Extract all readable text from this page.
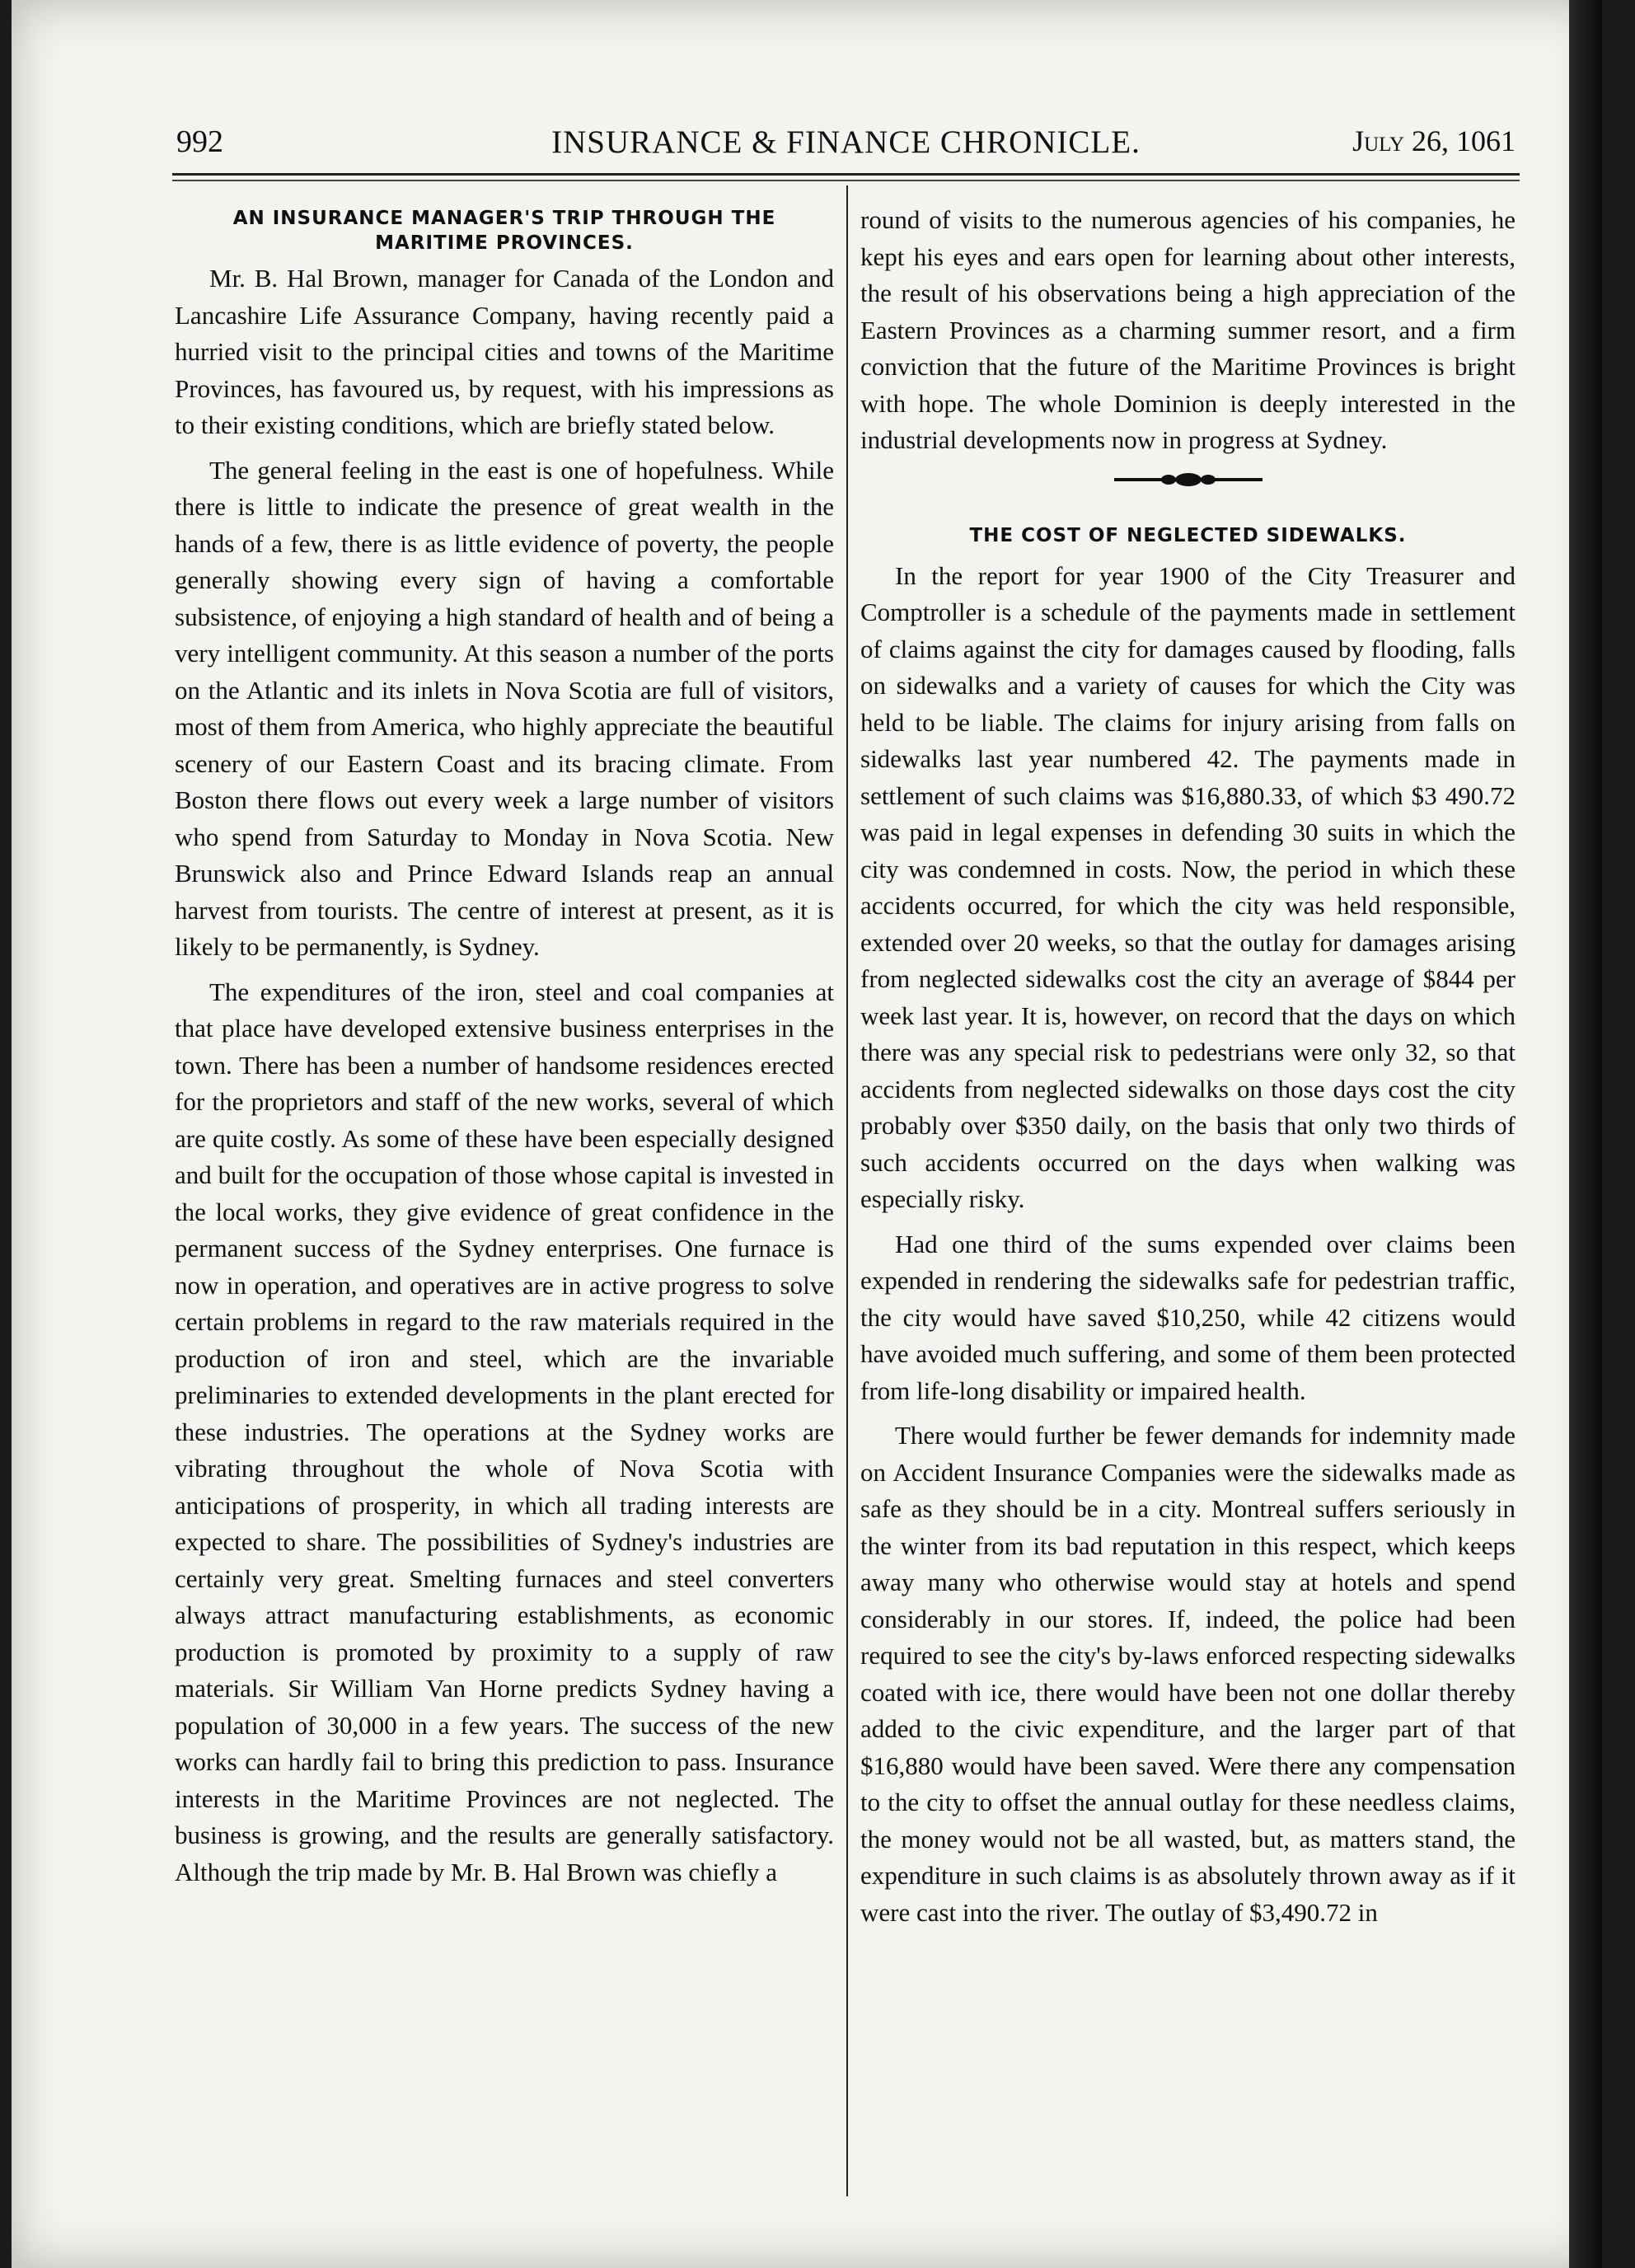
992	INSURANCE & FINANCE CHRONICLE.	July 26, 1061
AN INSURANCE MANAGER'S TRIP THROUGH THE MARITIME PROVINCES.

Mr. B. Hal Brown, manager for Canada of the London and Lancashire Life Assurance Company, having recently paid a hurried visit to the principal cities and towns of the Maritime Provinces, has favoured us, by request, with his impressions as to their existing conditions, which are briefly stated below.

The general feeling in the east is one of hopefulness. While there is little to indicate the presence of great wealth in the hands of a few, there is as little evidence of poverty, the people generally showing every sign of having a comfortable subsistence, of enjoying a high standard of health and of being a very intelligent community. At this season a number of the ports on the Atlantic and its inlets in Nova Scotia are full of visitors, most of them from America, who highly appreciate the beautiful scenery of our Eastern Coast and its bracing climate. From Boston there flows out every week a large number of visitors who spend from Saturday to Monday in Nova Scotia. New Brunswick also and Prince Edward Islands reap an annual harvest from tourists. The centre of interest at present, as it is likely to be permanently, is Sydney.

The expenditures of the iron, steel and coal companies at that place have developed extensive business enterprises in the town. There has been a number of handsome residences erected for the proprietors and staff of the new works, several of which are quite costly. As some of these have been especially designed and built for the occupation of those whose capital is invested in the local works, they give evidence of great confidence in the permanent success of the Sydney enterprises. One furnace is now in operation, and operatives are in active progress to solve certain problems in regard to the raw materials required in the production of iron and steel, which are the invariable preliminaries to extended developments in the plant erected for these industries. The operations at the Sydney works are vibrating throughout the whole of Nova Scotia with anticipations of prosperity, in which all trading interests are expected to share. The possibilities of Sydney's industries are certainly very great. Smelting furnaces and steel converters always attract manufacturing establishments, as economic production is promoted by proximity to a supply of raw materials. Sir William Van Horne predicts Sydney having a population of 30,000 in a few years. The success of the new works can hardly fail to bring this prediction to pass. Insurance interests in the Maritime Provinces are not neglected. The business is growing, and the results are generally satisfactory. Although the trip made by Mr. B. Hal Brown was chiefly a

round of visits to the numerous agencies of his companies, he kept his eyes and ears open for learning about other interests, the result of his observations being a high appreciation of the Eastern Provinces as a charming summer resort, and a firm conviction that the future of the Maritime Provinces is bright with hope. The whole Dominion is deeply interested in the industrial developments now in progress at Sydney.

THE COST OF NEGLECTED SIDEWALKS.

In the report for year 1900 of the City Treasurer and Comptroller is a schedule of the payments made in settlement of claims against the city for damages caused by flooding, falls on sidewalks and a variety of causes for which the City was held to be liable. The claims for injury arising from falls on sidewalks last year numbered 42. The payments made in settlement of such claims was $16,880.33, of which $3 490.72 was paid in legal expenses in defending 30 suits in which the city was condemned in costs. Now, the period in which these accidents occurred, for which the city was held responsible, extended over 20 weeks, so that the outlay for damages arising from neglected sidewalks cost the city an average of $844 per week last year. It is, however, on record that the days on which there was any special risk to pedestrians were only 32, so that accidents from neglected sidewalks on those days cost the city probably over $350 daily, on the basis that only two thirds of such accidents occurred on the days when walking was especially risky.

Had one third of the sums expended over claims been expended in rendering the sidewalks safe for pedestrian traffic, the city would have saved $10,250, while 42 citizens would have avoided much suffering, and some of them been protected from life-long disability or impaired health.

There would further be fewer demands for indemnity made on Accident Insurance Companies were the sidewalks made as safe as they should be in a city. Montreal suffers seriously in the winter from its bad reputation in this respect, which keeps away many who otherwise would stay at hotels and spend considerably in our stores. If, indeed, the police had been required to see the city's by-laws enforced respecting sidewalks coated with ice, there would have been not one dollar thereby added to the civic expenditure, and the larger part of that $16,880 would have been saved. Were there any compensation to the city to offset the annual outlay for these needless claims, the money would not be all wasted, but, as matters stand, the expenditure in such claims is as absolutely thrown away as if it were cast into the river. The outlay of $3,490.72 in
